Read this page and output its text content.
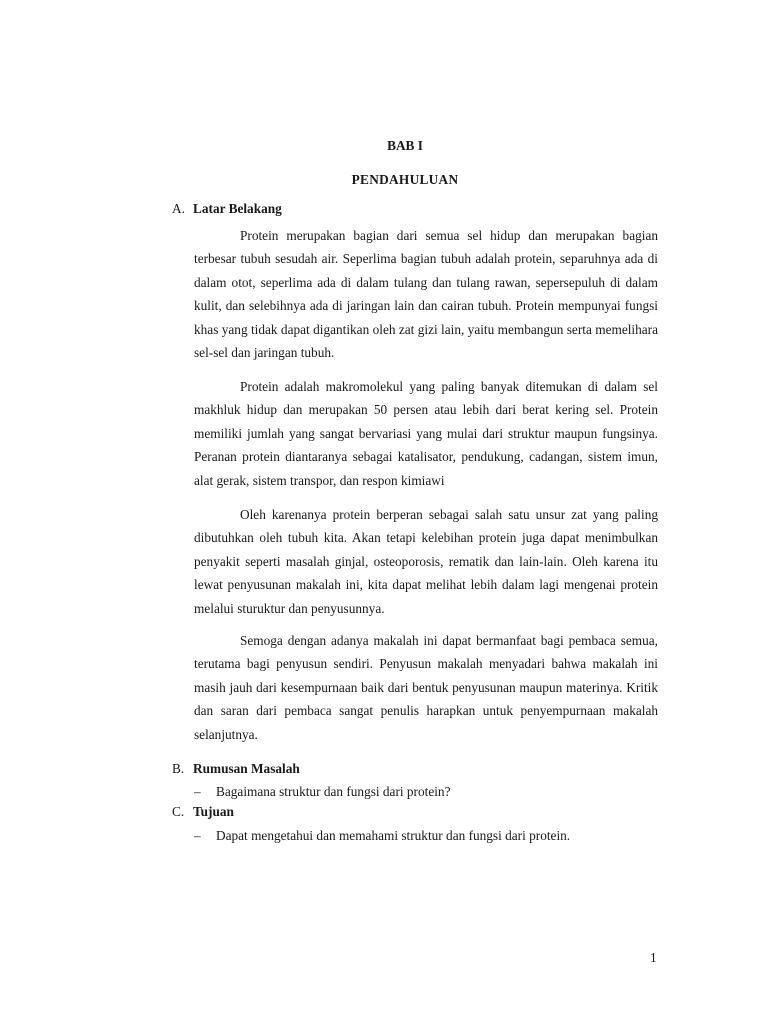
BAB I
PENDAHULUAN
A. Latar Belakang

Protein merupakan bagian dari semua sel hidup dan merupakan bagian terbesar tubuh sesudah air. Seperlima bagian tubuh adalah protein, separuhnya ada di dalam otot, seperlima ada di dalam tulang dan tulang rawan, sepersepuluh di dalam kulit, dan selebihnya ada di jaringan lain dan cairan tubuh. Protein mempunyai fungsi khas yang tidak dapat digantikan oleh zat gizi lain, yaitu membangun serta memelihara sel-sel dan jaringan tubuh.

Protein adalah makromolekul yang paling banyak ditemukan di dalam sel makhluk hidup dan merupakan 50 persen atau lebih dari berat kering sel. Protein memiliki jumlah yang sangat bervariasi yang mulai dari struktur maupun fungsinya. Peranan protein diantaranya sebagai katalisator, pendukung, cadangan, sistem imun, alat gerak, sistem transpor, dan respon kimiawi

Oleh karenanya protein berperan sebagai salah satu unsur zat yang paling dibutuhkan oleh tubuh kita. Akan tetapi kelebihan protein juga dapat menimbulkan penyakit seperti masalah ginjal, osteoporosis, rematik dan lain-lain. Oleh karena itu lewat penyusunan makalah ini, kita dapat melihat lebih dalam lagi mengenai protein melalui sturuktur dan penyusunnya.

Semoga dengan adanya makalah ini dapat bermanfaat bagi pembaca semua, terutama bagi penyusun sendiri. Penyusun makalah menyadari bahwa makalah ini masih jauh dari kesempurnaan baik dari bentuk penyusunan maupun materinya. Kritik dan saran dari pembaca sangat penulis harapkan untuk penyempurnaan makalah selanjutnya.

B. Rumusan Masalah
– Bagaimana struktur dan fungsi dari protein?
C. Tujuan
– Dapat mengetahui dan memahami struktur dan fungsi dari protein.
1
